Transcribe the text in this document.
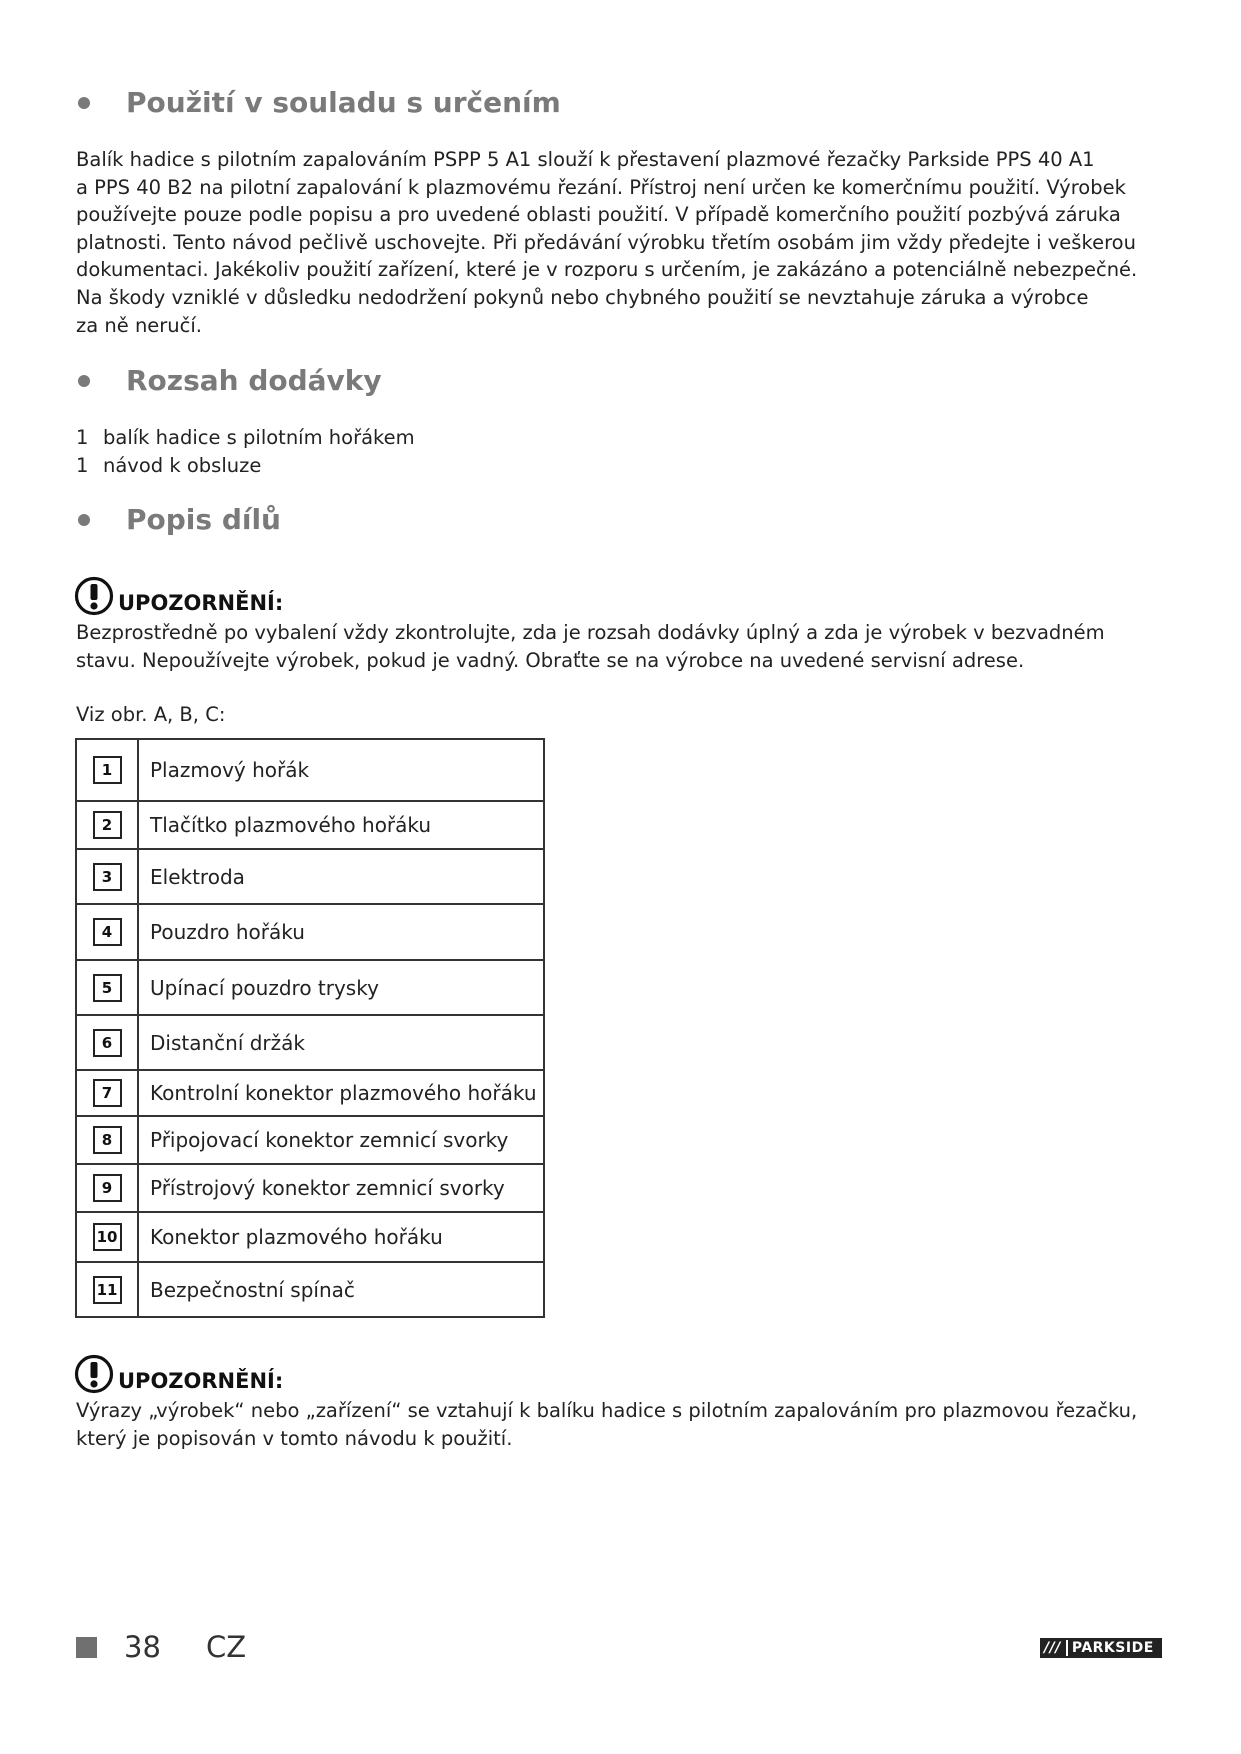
Použití v souladu s určením
Balík hadice s pilotním zapalováním PSPP 5 A1 slouží k přestavení plazmové řezačky Parkside PPS 40 A1
a PPS 40 B2 na pilotní zapalování k plazmovému řezání. Přístroj není určen ke komerčnímu použití. Výrobek
používejte pouze podle popisu a pro uvedené oblasti použití. V případě komerčního použití pozbývá záruka
platnosti. Tento návod pečlivě uschovejte. Při předávání výrobku třetím osobám jim vždy předejte i veškerou
dokumentaci. Jakékoliv použití zařízení, které je v rozporu s určením, je zakázáno a potenciálně nebezpečné.
Na škody vzniklé v důsledku nedodržení pokynů nebo chybného použití se nevztahuje záruka a výrobce
za ně neručí.
Rozsah dodávky
1 balík hadice s pilotním hořákem
1 návod k obsluze
Popis dílů
UPOZORNĚNÍ:
Bezprostředně po vybalení vždy zkontrolujte, zda je rozsah dodávky úplný a zda je výrobek v bezvadném
stavu. Nepoužívejte výrobek, pokud je vadný. Obraťte se na výrobce na uvedené servisní adrese.
Viz obr. A, B, C:
1	Plazmový hořák
2	Tlačítko plazmového hořáku
3	Elektroda
4	Pouzdro hořáku
5	Upínací pouzdro trysky
6	Distanční držák
7	Kontrolní konektor plazmového hořáku
8	Připojovací konektor zemnicí svorky
9	Přístrojový konektor zemnicí svorky
10	Konektor plazmového hořáku
11	Bezpečnostní spínač
UPOZORNĚNÍ:
Výrazy „výrobek“ nebo „zařízení“ se vztahují k balíku hadice s pilotním zapalováním pro plazmovou řezačku,
který je popisován v tomto návodu k použití.
38 CZ	/// PARKSIDE
